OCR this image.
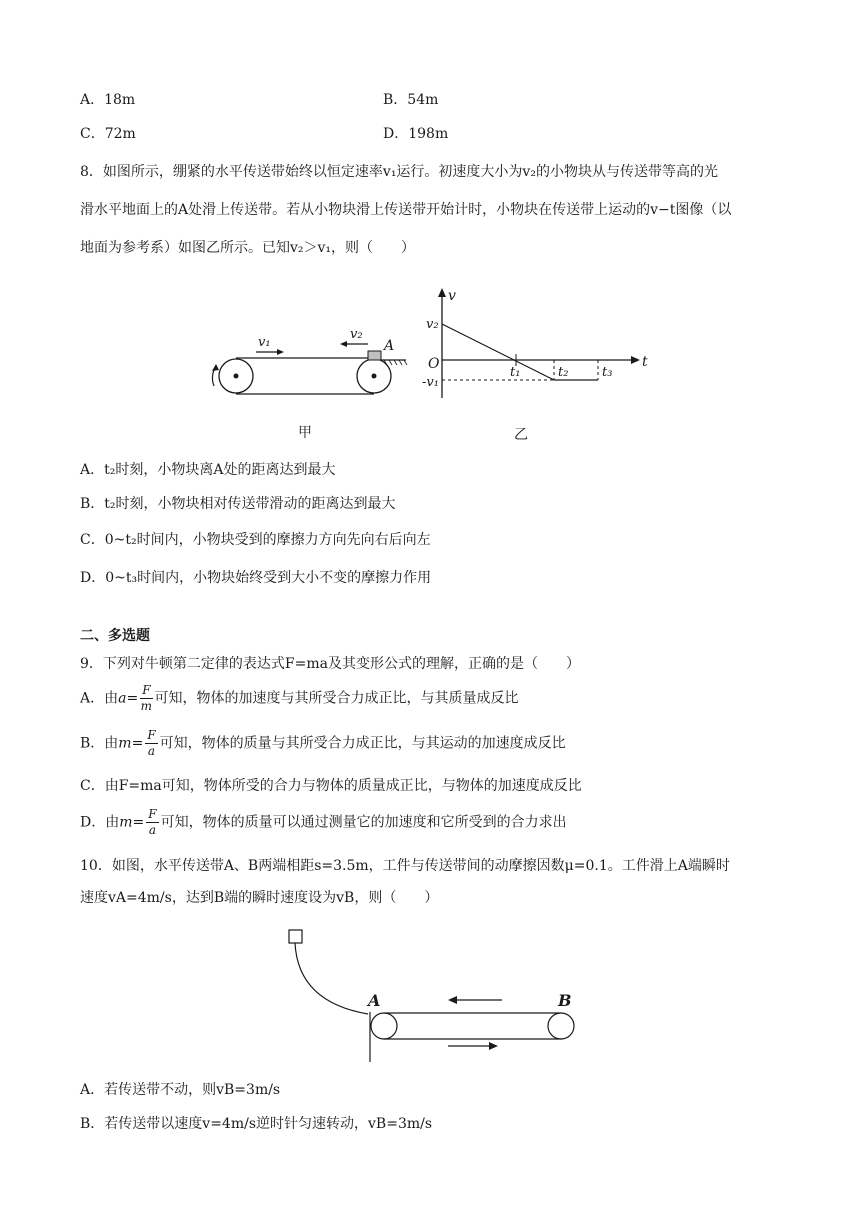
A．18m	B．54m
C．72m	D．198m
8．如图所示，绷紧的水平传送带始终以恒定速率v₁运行。初速度大小为v₂的小物块从与传送带等高的光
滑水平地面上的A处滑上传送带。若从小物块滑上传送带开始计时，小物块在传送带上运动的v−t图像（以
地面为参考系）如图乙所示。已知v₂＞v₁，则（　　）
v₁
v₂
A
v
t
O
v₂
-v₁
t₁	t₂	t₃
甲	乙
A．t₂时刻，小物块离A处的距离达到最大
B．t₂时刻，小物块相对传送带滑动的距离达到最大
C．0~t₂时间内，小物块受到的摩擦力方向先向右后向左
D．0~t₃时间内，小物块始终受到大小不变的摩擦力作用
二、多选题
9．下列对牛顿第二定律的表达式F=ma及其变形公式的理解，正确的是（　　）
A．由$a= \frac{F}{m}$ 可知，物体的加速度与其所受合力成正比，与其质量成反比
B．由$m= \frac{F}{a}$ 可知，物体的质量与其所受合力成正比，与其运动的加速度成反比
C．由F=ma可知，物体所受的合力与物体的质量成正比，与物体的加速度成反比
D．由$m= \frac{F}{a}$ 可知，物体的质量可以通过测量它的加速度和它所受到的合力求出
10．如图，水平传送带A、B两端相距s=3.5m，工件与传送带间的动摩擦因数μ=0.1。工件滑上A端瞬时
速度vA=4m/s，达到B端的瞬时速度设为vB，则（　　）
A	B
A．若传送带不动，则vB=3m/s
B．若传送带以速度v=4m/s逆时针匀速转动，vB=3m/s
